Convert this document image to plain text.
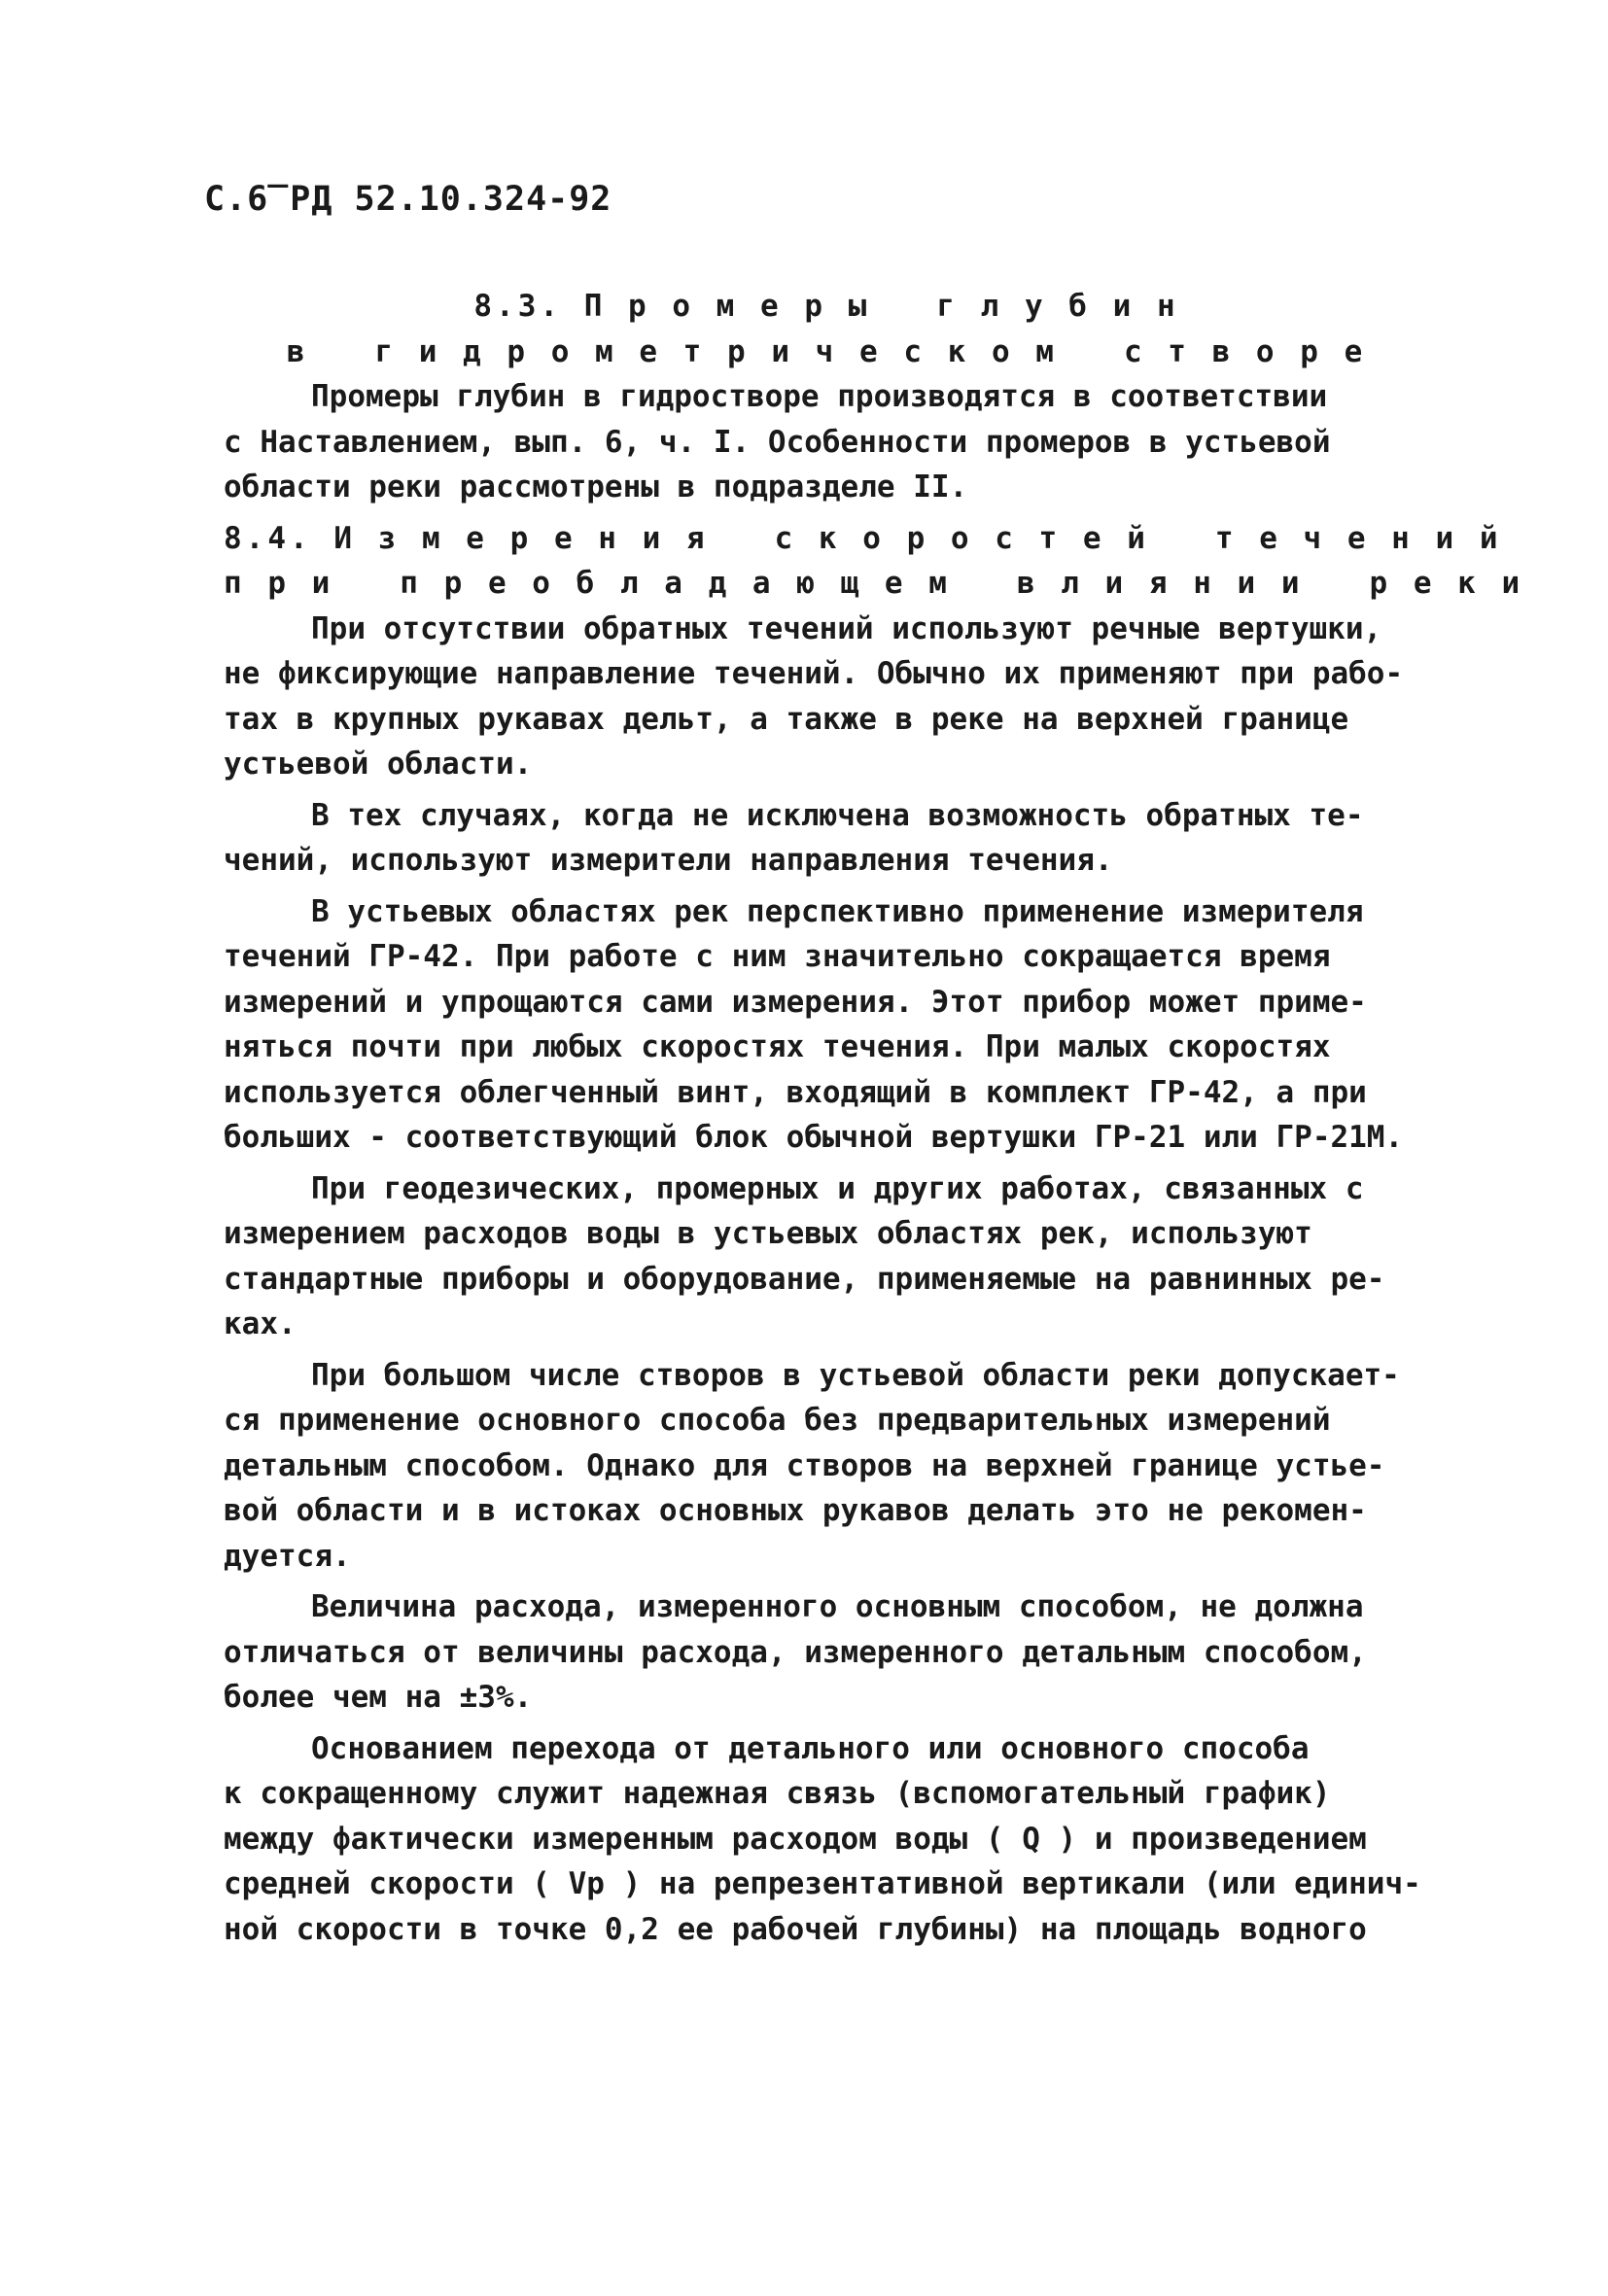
С.6̅ РД 52.10.324-92
8.3. П р о м е р ы   г л у б и н
в   г и д р о м е т р и ч е с к о м   с т в о р е
Промеры глубин в гидростворе производятся в соответствии
с Наставлением, вып. 6, ч. I. Особенности промеров в устьевой
области реки рассмотрены в подразделе II.
8.4. И з м е р е н и я   с к о р о с т е й   т е ч е н и й
п р и   п р е о б л а д а ю щ е м   в л и я н и и   р е к и
При отсутствии обратных течений используют речные вертушки,
не фиксирующие направление течений. Обычно их применяют при рабо-
тах в крупных рукавах дельт, а также в реке на верхней границе
устьевой области.
В тех случаях, когда не исключена возможность обратных те-
чений, используют измерители направления течения.
В устьевых областях рек перспективно применение измерителя
течений ГР-42. При работе с ним значительно сокращается время
измерений и упрощаются сами измерения. Этот прибор может приме-
няться почти при любых скоростях течения. При малых скоростях
используется облегченный винт, входящий в комплект ГР-42, а при
больших - соответствующий блок обычной вертушки ГР-21 или ГР-21М.
При геодезических, промерных и других работах, связанных с
измерением расходов воды в устьевых областях рек, используют
стандартные приборы и оборудование, применяемые на равнинных ре-
ках.
При большом числе створов в устьевой области реки допускает-
ся применение основного способа без предварительных измерений
детальным способом. Однако для створов на верхней границе устье-
вой области и в истоках основных рукавов делать это не рекомен-
дуется.
Величина расхода, измеренного основным способом, не должна
отличаться от величины расхода, измеренного детальным способом,
более чем на ±3%.
Основанием перехода от детального или основного способа
к сокращенному служит надежная связь (вспомогательный график)
между фактически измеренным расходом воды ( Q ) и произведением
средней скорости ( Vр ) на репрезентативной вертикали (или единич-
ной скорости в точке 0,2 ее рабочей глубины) на площадь водного
